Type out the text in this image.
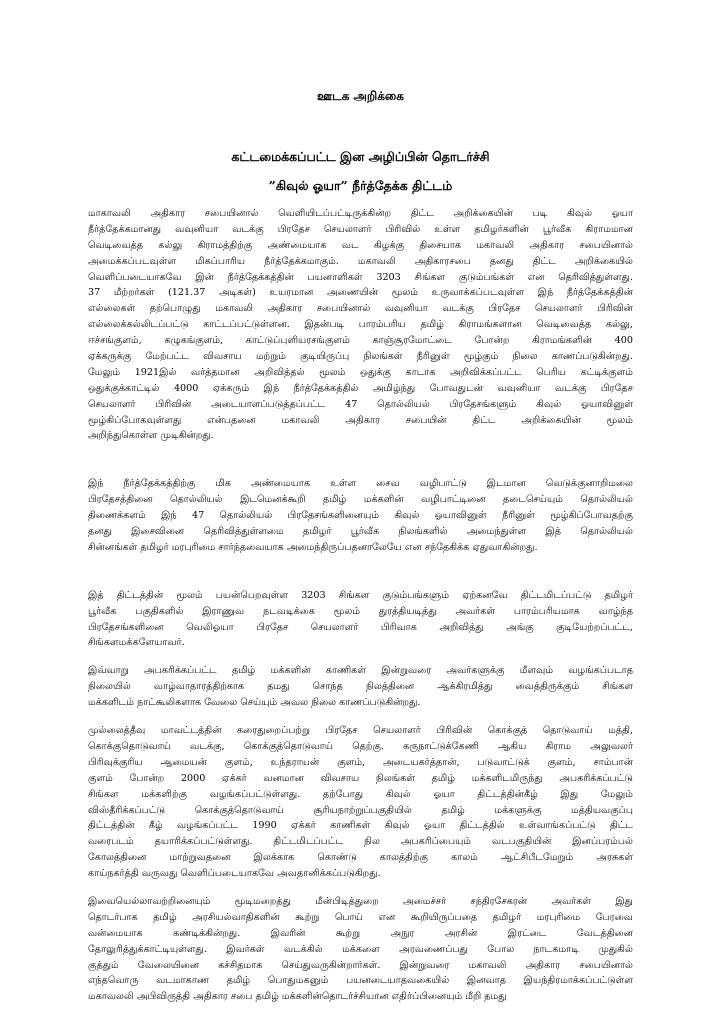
ஊடக அறிக்கை
கட்டமைக்கப்பட்ட இன அழிப்பின் தொடர்ச்சி
”கிவுல் ஓயா” நீர்த்தேக்க திட்டம்
மாகாவலி அதிகார சபையினால் வெளியிடப்பட்டிருக்கின்ற திட்ட அறிக்கையின் படி கிவுல் ஓயா
நீர்த்தேக்கமானது வவுனியா வடக்கு பிரதேச செயலாளர் பிரிவில் உள்ள தமிழர்களின் பூர்வீக கிராமமான
வெடிவைத்த கல்லு கிராமத்திற்கு அண்மையாக வட கிழக்கு திசையாக மகாவலி அதிகார சபையினால்
அமைக்கப்படவுள்ள மிகப்பாரிய நீர்த்தேக்கமாகும். மகாவலி அதிகாரசபை தனது திட்ட அறிக்கையில்
வெளிப்படையாகவே இன் நீர்த்தேக்கத்தின் பயனாளிகள் 3203 சிங்கள குடும்பங்கள் என தெரிவித்துள்ளது.
37 மீற்றர்கள் (121.37 அடிகள்) உயரமான அணையின் மூலம் உருவாக்கப்படவுள்ள இந் நீர்த்தேக்கத்தின்
எல்லைகள் தற்பொழுது மகாவலி அதிகார சபையினால் வவுனியா வடக்கு பிரதேச செயலாளர் பிரிவின்
எல்லைக்கல்லிடப்பட்டு காட்டப்பட்டுள்ளன. இதன்படி பாரம்பரிய தமிழ் கிராமங்களான வெடிவைத்த கல்லு,
ஈச்சங்குளம், கழுகங்குளம், காட்டுப்புளியரசங்குளம் காஞ்சூரமோட்டை போன்ற கிராமங்களின் 400
ஏக்கருக்கு மேற்பட்ட விவசாய மற்றும் குடியிருப்பு நிலங்கள் நீரினுள் மூழ்கும் நிலை காணப்படுகின்றது.
மேலும் 1921இல் வர்த்தமான அறிவித்தல் மூலம் ஒதுக்கு காடாக அறிவிக்கப்பட்ட பெரிய கட்டிக்குளம்
ஒதுக்குக்காட்டில் 4000 ஏக்கரும் இந் நீர்த்தேக்கத்தில் அமிழ்ந்து போவதுடன் வவுனியா வடக்கு பிரதேச
செயலாளர் பிரிவின் அடையாளப்படுத்தப்பட்ட 47 தொல்லியல் பிரதேசங்களும் கிவுல் ஓயாவினுள்
மூழ்கிப்போகவுள்ளது என்பதனை மகாவலி அதிகார சபையின் திட்ட அறிக்கையின் மூலம்
அறிந்துகொள்ள முடிகின்றது.
இந் நீர்த்தேக்கத்திற்கு மிக அண்மையாக உள்ள சைவ வழிபாட்டு இடமான வெடுக்குனாறிமலை
பிரதேசத்தினை தொல்லியல் இடமெனக்கூறி தமிழ் மக்களின் வழிபாட்டினை தடைசெய்யும் தொல்லியல்
திணைக்களம் இந் 47 தொல்லியல் பிரதேசங்களினையும் கிவுல் ஓயாவினுள் நீரினுள் மூழ்கிப்போவதற்கு
தனது இசைவினை தெரிவித்துள்ளமை தமிழர் பூர்வீக நிலங்களில் அமைந்துள்ள இத் தொல்லியல்
சின்னங்கள் தமிழர் மரபுரிமை சார்ந்தவையாக அமைந்திருப்பதனாலேயே என சந்தேகிக்க ஏதுவாகின்றது.
இத் திட்டத்தின் மூலம் பயன்பெறவுள்ள 3203 சிங்கள குடும்பங்களும் ஏற்கனவே திட்டமிடப்பட்டு தமிழர்
பூர்வீக பகுதிகளில் இராணுவ நடவடிக்கை மூலம் துரத்தியடித்து அவர்கள் பாரம்பரியமாக வாழ்ந்த
பிரதேசங்களினை வெலிஓயா பிரதேச செயலாளர் பிரிவாக அறிவித்து அங்கு குடியேற்றப்பட்ட,
சிங்களமக்களேயாவர்.
இவ்வாறு அபகரிக்கப்பட்ட தமிழ் மக்களின் காணிகள் இன்றுவரை அவர்களுக்கு மீளவும் வழங்கப்படாத
நிலையில் வாழ்வாதாரத்திற்காக தமது சொந்த நிலத்தினை ஆக்கிரமித்து வைத்திருக்கும் சிங்கள
மக்களிடம் நாட்கூலிகளாக வேலை செய்யும் அவல நிலை காணப்படுகின்றது.
முல்லைத்தீவு மாவட்டத்தின் கரைதுறைப்பற்று பிரதேச செயலாளர் பிரிவின் கொக்குத் தொடுவாய் மத்தி,
கொக்குதொடுவாய் வடக்கு, கொக்குத்தொடுவாய் தெற்கு. கருநாட்டுக்கேணி ஆகிய கிராம அலுவலர்
பிரிவுக்குரிய ஆமையன் குளம், உந்தராயன் குளம், அடையகர்த்தான், படுவாட்டுக் குளம், சாம்பான்
குளம் போன்ற 2000 ஏக்கர் வனமான விவசாய நிலங்கள் தமிழ் மக்களிடமிருந்து அபகரிக்கப்பட்டு
சிங்கள மக்களிற்கு வழங்கப்பட்டுள்ளது. தற்போது கிவுல் ஓயா திட்டத்தின்கீழ் இது மேலும்
விஸ்தீரிக்கப்பட்டு கொக்குத்தொடுவாய் சூரியநாற்றுப்பகுதியில் தமிழ் மக்களுக்கு மத்தியவகுப்பு
திட்டத்தின் கீழ் வழங்கப்பட்ட 1990 ஏக்கர் காணிகள் கிவுல் ஓயா திட்டத்தில் உள்வாங்கப்பட்டு திட்ட
வரைபடம் தயாரிக்கப்பட்டுள்ளது. திட்டமிடப்பட்ட நில அபகரிப்பையும் வடபகுதியின் இனப்பரம்பல்
கோலத்தினை மாற்றுவதனை இலக்காக கொண்டு காலத்திற்கு காலம் ஆட்சிபீடமேறும் அரசுகள்
காய்நகர்த்தி வருவது வெளிப்படையாகவே அவதானிக்கப்படுகிறது.
இவையெல்லாவற்றினையும் மூடிமறைத்து மீன்பிடித்துறை அமைச்சர் சந்திரசேகரன் அவர்கள் இது
தொடர்பாக தமிழ் அரசியல்வாதிகளின் கூற்று பொய் என கூறியிருப்பதை தமிழர் மரபுரிமை பேரவை
வன்மையாக கண்டிக்கின்றது. இவரின் கூற்று அநுர அரசின் இரட்டை வேடத்தினை
தோலுரித்துக்காட்டியுள்ளது. இவர்கள் வடக்கில் மக்களை அரவணைப்பது போல நாடகமாடி முதுகில்
குத்தும் வேலையினை கச்சிதமாக செய்துவருகின்றார்கள். இன்றுவரை மகாவலி அதிகார சபையினால்
எந்தவொரு வடமாகாண தமிழ் பொதுமகனும் பயனடையாதவகையில் இனவாத இயந்திரமாக்கப்பட்டுள்ள
மகாவலலி அபிவிருத்தி அதிகார சபை தமிழ் மக்களின்தொடர்ச்சியான எதிர்ப்பினையும் மீறி தமது
